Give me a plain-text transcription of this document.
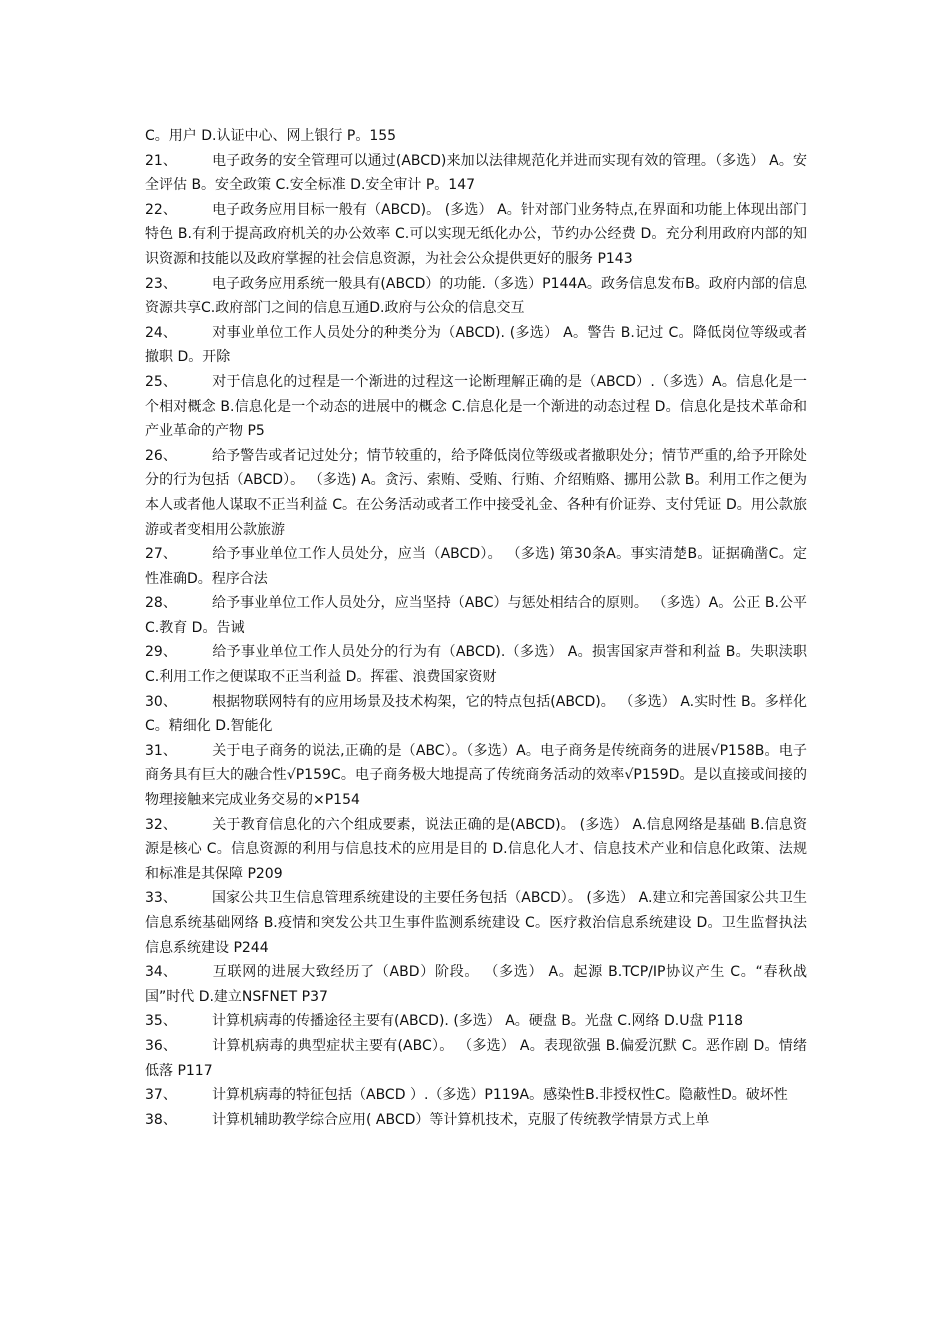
C。用户 D.认证中心、网上银行 P。155

21、	电子政务的安全管理可以通过(ABCD)来加以法律规范化并进而实现有效的管理。（多选） A。安全评估 B。安全政策 C.安全标准 D.安全审计 P。147

22、	电子政务应用目标一般有（ABCD)。 (多选） A。针对部门业务特点,在界面和功能上体现出部门特色 B.有利于提高政府机关的办公效率 C.可以实现无纸化办公，节约办公经费 D。充分利用政府内部的知识资源和技能以及政府掌握的社会信息资源，为社会公众提供更好的服务 P143

23、	电子政务应用系统一般具有(ABCD）的功能.（多选）P144A。政务信息发布B。政府内部的信息资源共享C.政府部门之间的信息互通D.政府与公众的信息交互

24、	对事业单位工作人员处分的种类分为（ABCD). (多选） A。警告 B.记过 C。降低岗位等级或者撤职 D。开除

25、	对于信息化的过程是一个渐进的过程这一论断理解正确的是（ABCD）.（多选）A。信息化是一个相对概念 B.信息化是一个动态的进展中的概念 C.信息化是一个渐进的动态过程 D。信息化是技术革命和产业革命的产物 P5

26、	给予警告或者记过处分；情节较重的，给予降低岗位等级或者撤职处分；情节严重的,给予开除处分的行为包括（ABCD）。 （多选) A。贪污、索贿、受贿、行贿、介绍贿赂、挪用公款 B。利用工作之便为本人或者他人谋取不正当利益 C。在公务活动或者工作中接受礼金、各种有价证券、支付凭证 D。用公款旅游或者变相用公款旅游

27、	给予事业单位工作人员处分，应当（ABCD）。 （多选) 第30条A。事实清楚B。证据确凿C。定性准确D。程序合法

28、	给予事业单位工作人员处分，应当坚持（ABC）与惩处相结合的原则。 （多选）A。公正 B.公平 C.教育 D。告诫

29、	给予事业单位工作人员处分的行为有（ABCD).（多选） A。损害国家声誉和利益 B。失职渎职 C.利用工作之便谋取不正当利益 D。挥霍、浪费国家资财

30、	根据物联网特有的应用场景及技术构架，它的特点包括(ABCD)。 （多选） A.实时性 B。多样化 C。精细化 D.智能化

31、	关于电子商务的说法,正确的是（ABC）。（多选）A。电子商务是传统商务的进展√P158B。电子商务具有巨大的融合性√P159C。电子商务极大地提高了传统商务活动的效率√P159D。是以直接或间接的物理接触来完成业务交易的×P154

32、	关于教育信息化的六个组成要素，说法正确的是(ABCD)。 (多选） A.信息网络是基础 B.信息资源是核心 C。信息资源的利用与信息技术的应用是目的 D.信息化人才、信息技术产业和信息化政策、法规和标准是其保障 P209

33、	国家公共卫生信息管理系统建设的主要任务包括（ABCD）。 (多选） A.建立和完善国家公共卫生信息系统基础网络 B.疫情和突发公共卫生事件监测系统建设 C。医疗救治信息系统建设 D。卫生监督执法信息系统建设 P244

34、	互联网的进展大致经历了（ABD）阶段。 （多选） A。起源 B.TCP/IP协议产生 C。“春秋战国”时代 D.建立NSFNET P37

35、	计算机病毒的传播途径主要有(ABCD). (多选） A。硬盘 B。光盘 C.网络 D.U盘 P118

36、	计算机病毒的典型症状主要有(ABC）。 （多选） A。表现欲强 B.偏爱沉默 C。恶作剧 D。情绪低落 P117

37、	计算机病毒的特征包括（ABCD ）.（多选）P119A。感染性B.非授权性C。隐蔽性D。破坏性

38、	计算机辅助教学综合应用( ABCD）等计算机技术，克服了传统教学情景方式上单
